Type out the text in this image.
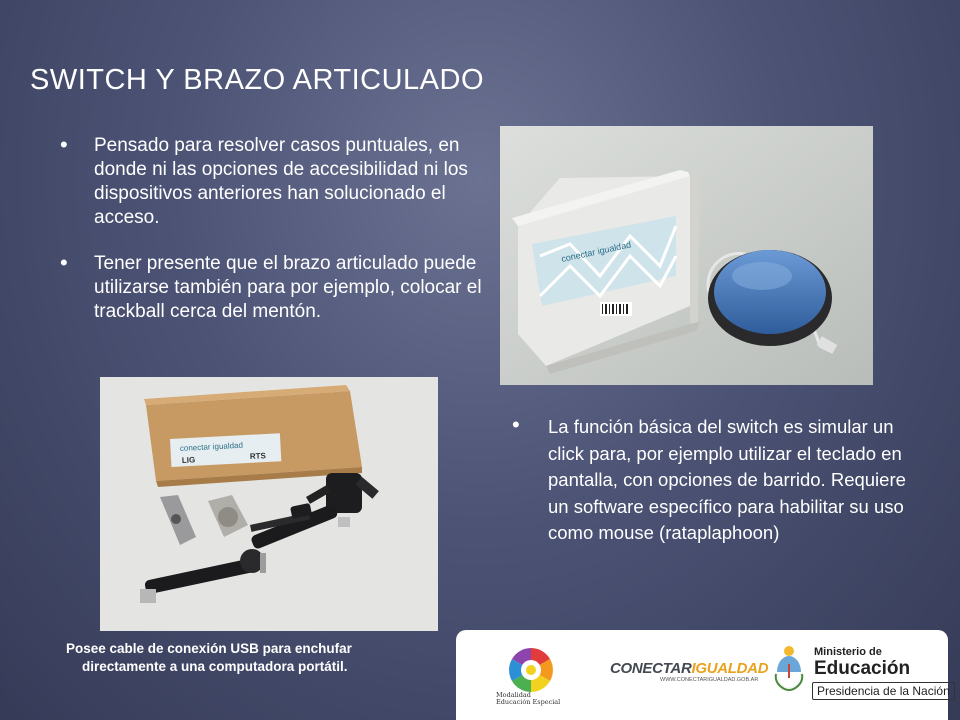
SWITCH Y BRAZO ARTICULADO
• Pensado para resolver casos puntuales, en donde ni las opciones de accesibilidad ni los dispositivos anteriores han solucionado el acceso.
• Tener presente que el brazo articulado puede utilizarse también para por ejemplo, colocar el trackball cerca del mentón.
conectar igualdad
conectar igualdad
LIG	RTS
• La función básica del switch es simular un click para, por ejemplo utilizar el teclado en pantalla, con opciones de barrido. Requiere un software específico para habilitar su uso como mouse (rataplaphoon)
Posee cable de conexión USB para enchufar
directamente a una computadora portátil.
Modalidad
Educación Especial
CONECTARIGUALDAD
WWW.CONECTARIGUALDAD.GOB.AR
Ministerio de
Educación
Presidencia de la Nación
